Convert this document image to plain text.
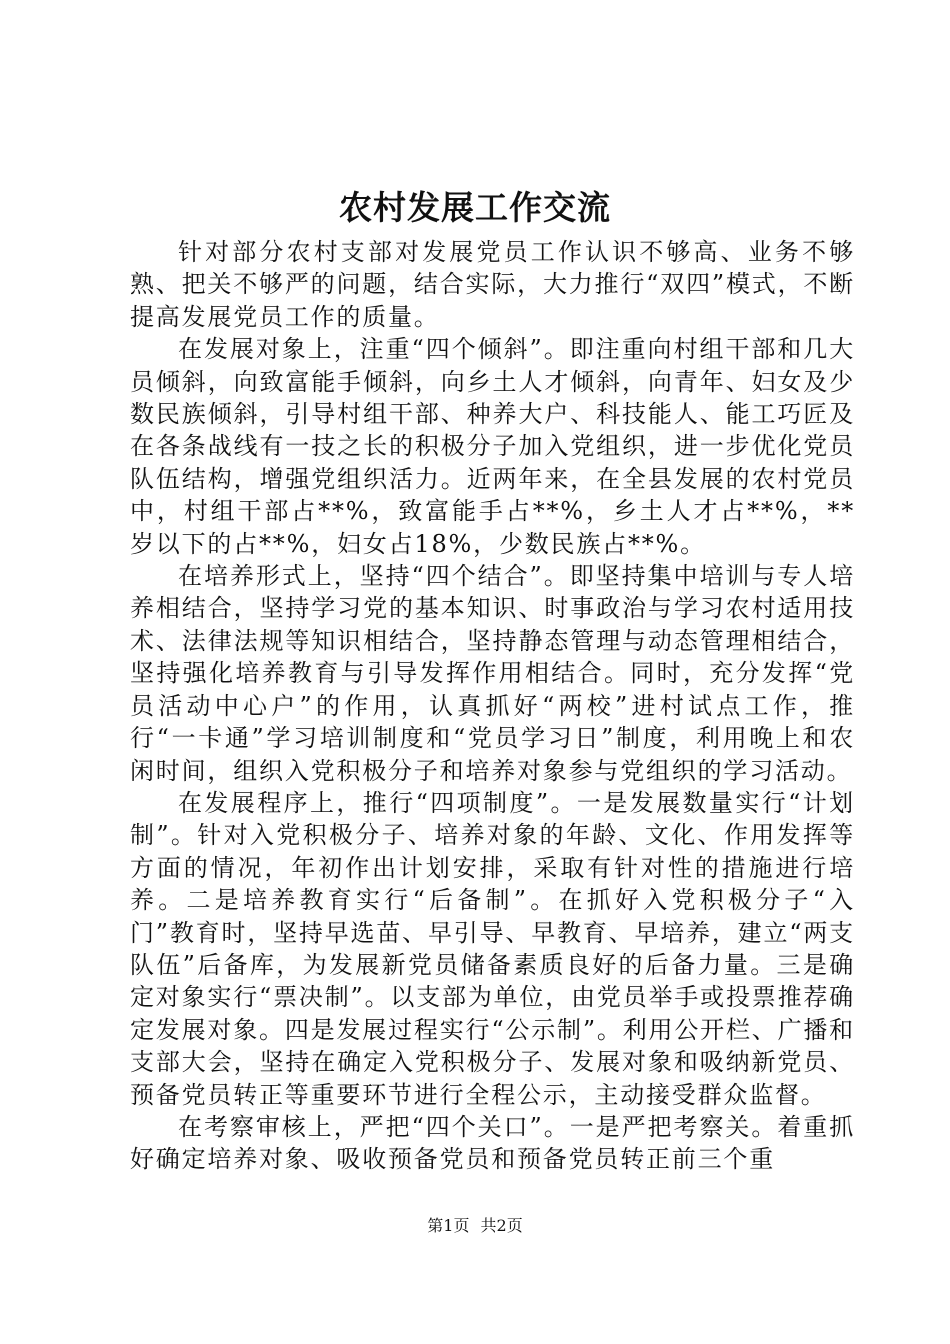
农村发展工作交流

针对部分农村支部对发展党员工作认识不够高、业务不够熟、把关不够严的问题，结合实际，大力推行“双四”模式，不断提高发展党员工作的质量。

在发展对象上，注重“四个倾斜”。即注重向村组干部和几大员倾斜，向致富能手倾斜，向乡土人才倾斜，向青年、妇女及少数民族倾斜，引导村组干部、种养大户、科技能人、能工巧匠及在各条战线有一技之长的积极分子加入党组织，进一步优化党员队伍结构，增强党组织活力。近两年来，在全县发展的农村党员中，村组干部占**%，致富能手占**%，乡土人才占**%，**岁以下的占**%，妇女占18%，少数民族占**%。

在培养形式上，坚持“四个结合”。即坚持集中培训与专人培养相结合，坚持学习党的基本知识、时事政治与学习农村适用技术、法律法规等知识相结合，坚持静态管理与动态管理相结合，坚持强化培养教育与引导发挥作用相结合。同时，充分发挥“党员活动中心户”的作用，认真抓好“两校”进村试点工作，推行“一卡通”学习培训制度和“党员学习日”制度，利用晚上和农闲时间，组织入党积极分子和培养对象参与党组织的学习活动。

在发展程序上，推行“四项制度”。一是发展数量实行“计划制”。针对入党积极分子、培养对象的年龄、文化、作用发挥等方面的情况，年初作出计划安排，采取有针对性的措施进行培养。二是培养教育实行“后备制”。在抓好入党积极分子“入门”教育时，坚持早选苗、早引导、早教育、早培养，建立“两支队伍”后备库，为发展新党员储备素质良好的后备力量。三是确定对象实行“票决制”。以支部为单位，由党员举手或投票推荐确定发展对象。四是发展过程实行“公示制”。利用公开栏、广播和支部大会，坚持在确定入党积极分子、发展对象和吸纳新党员、预备党员转正等重要环节进行全程公示，主动接受群众监督。

在考察审核上，严把“四个关口”。一是严把考察关。着重抓好确定培养对象、吸收预备党员和预备党员转正前三个重

第1页 共2页
